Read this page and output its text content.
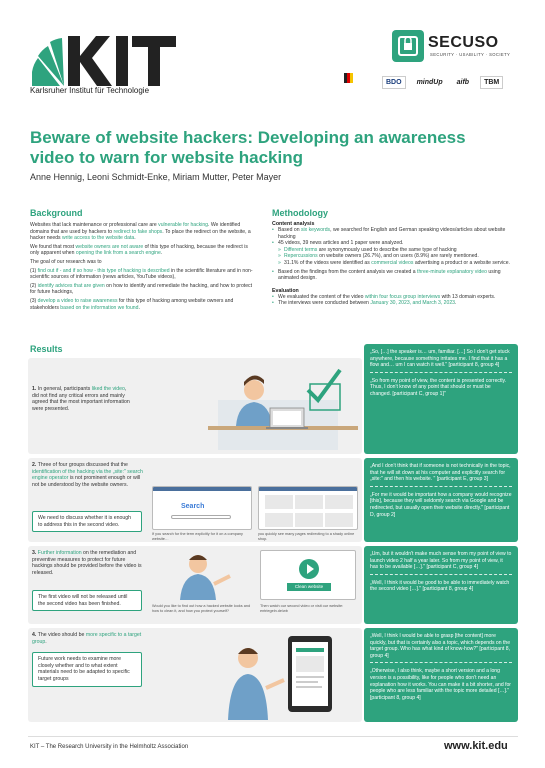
Karlsruher Institut für Technologie
SECUSO
SECURITY · USABILITY · SOCIETY
BDO	mindUp	aifb	TBM
Beware of website hackers: Developing an awareness video to warn for website hacking
Anne Hennig, Leoni Schmidt-Enke, Miriam Mutter, Peter Mayer
Background
Websites that lack maintenance or professional care are vulnerable for hacking. We identified domains that are used by hackers to redirect to fake shops. To place the redirect on the website, a hacker needs write access to the website data.
We found that most website owners are not aware of this type of hacking, because the redirect is only apparent when opening the link from a search engine.
The goal of our research was to
(1) find out if - and if so how - this type of hacking is described in the scientific literature and in non-scientific sources of information (news articles, YouTube videos),
(2) identify advices that are given on how to identify and remediate the hacking, and how to protect for future hackings,
(3) develop a video to raise awareness for this type of hacking among website owners and stakeholders based on the information we found.
Methodology
Content analysis
• Based on six keywords, we searched for English and German speaking videos/articles about website hacking
• 45 videos, 39 news articles and 1 paper were analyzed.
» Different terms are synonymously used to describe the same type of hacking
» Repercussions on website owners (26.7%), and on users (8.9%) are rarely mentioned.
» 31.1% of the videos were identified as commercial videos advertising a product or a website service.
• Based on the findings from the content analysis we created a three-minute explanatory video using animated design.
Evaluation
• We evaluated the content of the video within four focus group interviews with 13 domain experts.
• The interviews were conducted between January 30, 2023, and March 3, 2023.
Results
1. In general, participants liked the video, did not find any critical errors and mainly agreed that the most important information were presented.
„So, […] the speaker is… um, familiar. […] So I don't get stuck anywhere, because something irritates me. I find that it has a flow and… um I can watch it well." [participant 8, group 4]
„So from my point of view, the content is presented correctly. Thus, I don't know of any point that should or must be changed. [participant C, group 1]"
2. Three of four groups discussed that the identification of the hacking via the „site:" search engine operator is not prominent enough or will not be understood by the website owners.
We need to discuss whether it is enough to address this in the second video.
Search
If you search for the term explicitly for it on a company website…
you quickly see many pages redirecting to a shady online shop.
„And I don't think that if someone is not technically in the topic, that he will sit down at his computer and explicitly search for „site:" and then his website. " [participant E, group 3]
„For me it would be important how a company would recognize [this], because they will seldomly search via Google and be redirected, but usually open their website directly." [participant D, group 2]
3. Further information on the remediation and preventive measures to protect for future hackings should be provided before the video is released.
The first video will not be released until the second video has been finished.	Would you like to find out how a hacked website looks and how to clean it, and how you protect yourself?
Clean website
Then watch our second video or visit our website: entriegeln.de/wb
„Um, but it wouldn't make much sense from my point of view to launch video 2 half a year later. So from my point of view, it has to be available […]." [participant C, group 4]
„Well, I think it would be good to be able to immediately watch the second video […]." [participant 8, group 4]
4. The video should be more specific to a target group.
Future work needs to examine more closely whether and to what extent materials need to be adapted to specific target groups
„Well, I think I would be able to grasp [the content] more quickly, but that is certainly also a topic, which depends on the target group. Who has what kind of know-how?" [participant 8, group 4]
„Otherwise, I also think, maybe a short version and a long version is a possibility, like for people who don't need an explanation how it works. You can make it a bit shorter, and for people who are less familiar with the topic more detailed […]." [participant 8, group 4]
KIT – The Research University in the Helmholtz Association	www.kit.edu
